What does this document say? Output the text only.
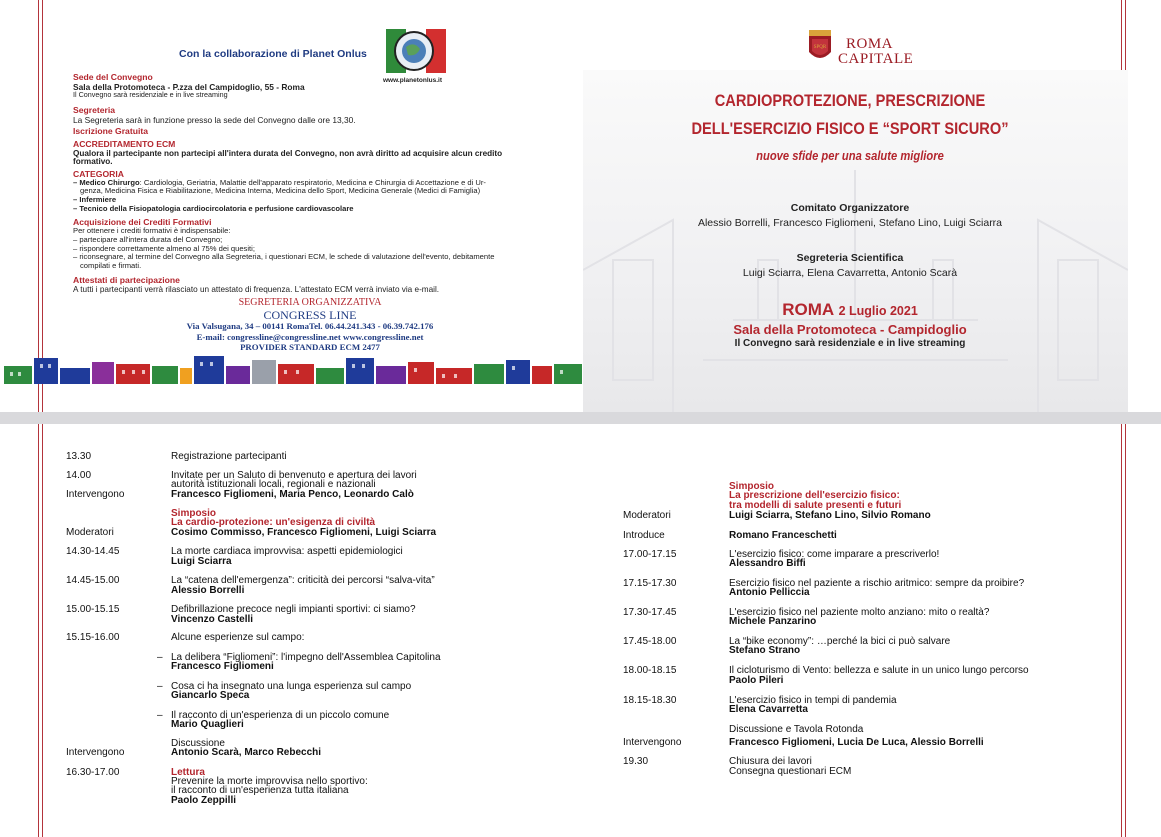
Con la collaborazione di Planet Onlus
www.planetonlus.it
Sede del Convegno
Sala della Protomoteca - P.zza del Campidoglio, 55 - Roma
Il Convegno sarà residenziale e in live streaming
Segreteria
La Segreteria sarà in funzione presso la sede del Convegno dalle ore 13,30.
Iscrizione Gratuita
ACCREDITAMENTO ECM
Qualora il partecipante non partecipi all'intera durata del Convegno, non avrà diritto ad acquisire alcun credito
formativo.
CATEGORIA
– Medico Chirurgo: Cardiologia, Geriatria, Malattie dell'apparato respiratorio, Medicina e Chirurgia di Accettazione e di Ur-
genza, Medicina Fisica e Riabilitazione, Medicina Interna, Medicina dello Sport, Medicina Generale (Medici di Famiglia)
– Infermiere
– Tecnico della Fisiopatologia cardiocircolatoria e perfusione cardiovascolare
Acquisizione dei Crediti Formativi
Per ottenere i crediti formativi è indispensabile:
– partecipare all'intera durata del Convegno;
– rispondere correttamente almeno al 75% dei quesiti;
– riconsegnare, al termine del Convegno alla Segreteria, i questionari ECM, le schede di valutazione dell'evento, debitamente
compilati e firmati.
Attestati di partecipazione
A tutti i partecipanti verrà rilasciato un attestato di frequenza. L'attestato ECM verrà inviato via e-mail.
SEGRETERIA ORGANIZZATIVA
CONGRESS LINE
Via Valsugana, 34 – 00141 RomaTel. 06.44.241.343 - 06.39.742.176
E-mail: congressline@congressline.net www.congressline.net
PROVIDER STANDARD ECM 2477
SPQR ROMA
CAPITALE
CARDIOPROTEZIONE, PRESCRIZIONE
DELL'ESERCIZIO FISICO E “SPORT SICURO”
nuove sfide per una salute migliore
Comitato Organizzatore
Alessio Borrelli, Francesco Figliomeni, Stefano Lino, Luigi Sciarra
Segreteria Scientifica
Luigi Sciarra, Elena Cavarretta, Antonio Scarà
ROMA 2 Luglio 2021
Sala della Protomoteca - Campidoglio
Il Convegno sarà residenziale e in live streaming
13.30	Registrazione partecipanti
14.00	Invitate per un Saluto di benvenuto e apertura dei lavori
autorità istituzionali locali, regionali e nazionali
Intervengono	Francesco Figliomeni, Maria Penco, Leonardo Calò
Simposio
La cardio-protezione: un'esigenza di civiltà
Moderatori	Cosimo Commisso, Francesco Figliomeni, Luigi Sciarra
14.30-14.45	La morte cardiaca improvvisa: aspetti epidemiologici
Luigi Sciarra
14.45-15.00	La “catena dell'emergenza”: criticità dei percorsi “salva-vita”
Alessio Borrelli
15.00-15.15	Defibrillazione precoce negli impianti sportivi: ci siamo?
Vincenzo Castelli
15.15-16.00	Alcune esperienze sul campo:
– La delibera “Figliomeni”: l'impegno dell'Assemblea Capitolina
Francesco Figliomeni
– Cosa ci ha insegnato una lunga esperienza sul campo
Giancarlo Speca
– Il racconto di un'esperienza di un piccolo comune
Mario Quaglieri
Discussione
Intervengono	Antonio Scarà, Marco Rebecchi
16.30-17.00	Lettura
Prevenire la morte improvvisa nello sportivo:
il racconto di un'esperienza tutta italiana
Paolo Zeppilli
Simposio
La prescrizione dell'esercizio fisico:
tra modelli di salute presenti e futuri
Moderatori	Luigi Sciarra, Stefano Lino, Silvio Romano
Introduce	Romano Franceschetti
17.00-17.15	L'esercizio fisico: come imparare a prescriverlo!
Alessandro Biffi
17.15-17.30	Esercizio fisico nel paziente a rischio aritmico: sempre da proibire?
Antonio Pelliccia
17.30-17.45	L'esercizio fisico nel paziente molto anziano: mito o realtà?
Michele Panzarino
17.45-18.00	La “bike economy”: …perché la bici ci può salvare
Stefano Strano
18.00-18.15	Il cicloturismo di Vento: bellezza e salute in un unico lungo percorso
Paolo Pileri
18.15-18.30	L'esercizio fisico in tempi di pandemia
Elena Cavarretta
Discussione e Tavola Rotonda
Intervengono	Francesco Figliomeni, Lucia De Luca, Alessio Borrelli
19.30	Chiusura dei lavori
Consegna questionari ECM
